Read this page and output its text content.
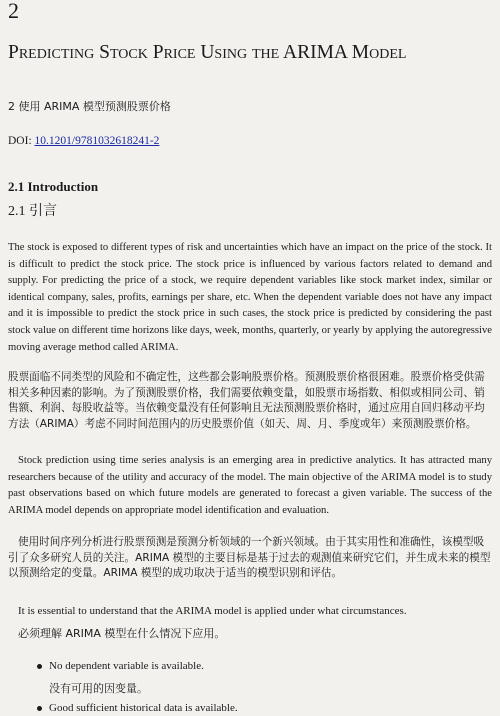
2
Predicting Stock Price Using the ARIMA Model
2 使用 ARIMA 模型预测股票价格
DOI: 10.1201/9781032618241-2
2.1 Introduction
2.1 引言

The stock is exposed to different types of risk and uncertainties which have an impact on the price of the stock. It is difficult to predict the stock price. The stock price is influenced by various factors related to demand and supply. For predicting the price of a stock, we require dependent variables like stock market index, similar or identical company, sales, profits, earnings per share, etc. When the dependent variable does not have any impact and it is impossible to predict the stock price in such cases, the stock price is predicted by considering the past stock value on different time horizons like days, week, months, quarterly, or yearly by applying the autoregressive moving average method called ARIMA.

股票面临不同类型的风险和不确定性，这些都会影响股票价格。预测股票价格很困难。股票价格受供需相关多种因素的影响。为了预测股票价格，我们需要依赖变量，如股票市场指数、相似或相同公司、销售额、利润、每股收益等。当依赖变量没有任何影响且无法预测股票价格时，通过应用自回归移动平均方法（ARIMA）考虑不同时间范围内的历史股票价值（如天、周、月、季度或年）来预测股票价格。

Stock prediction using time series analysis is an emerging area in predictive analytics. It has attracted many researchers because of the utility and accuracy of the model. The main objective of the ARIMA model is to study past observations based on which future models are generated to forecast a given variable. The success of the ARIMA model depends on appropriate model identification and evaluation.

使用时间序列分析进行股票预测是预测分析领域的一个新兴领域。由于其实用性和准确性，该模型吸引了众多研究人员的关注。ARIMA 模型的主要目标是基于过去的观测值来研究它们，并生成未来的模型以预测给定的变量。ARIMA 模型的成功取决于适当的模型识别和评估。

It is essential to understand that the ARIMA model is applied under what circumstances.
必须理解 ARIMA 模型在什么情况下应用。
No dependent variable is available.
没有可用的因变量。
Good sufficient historical data is available.
